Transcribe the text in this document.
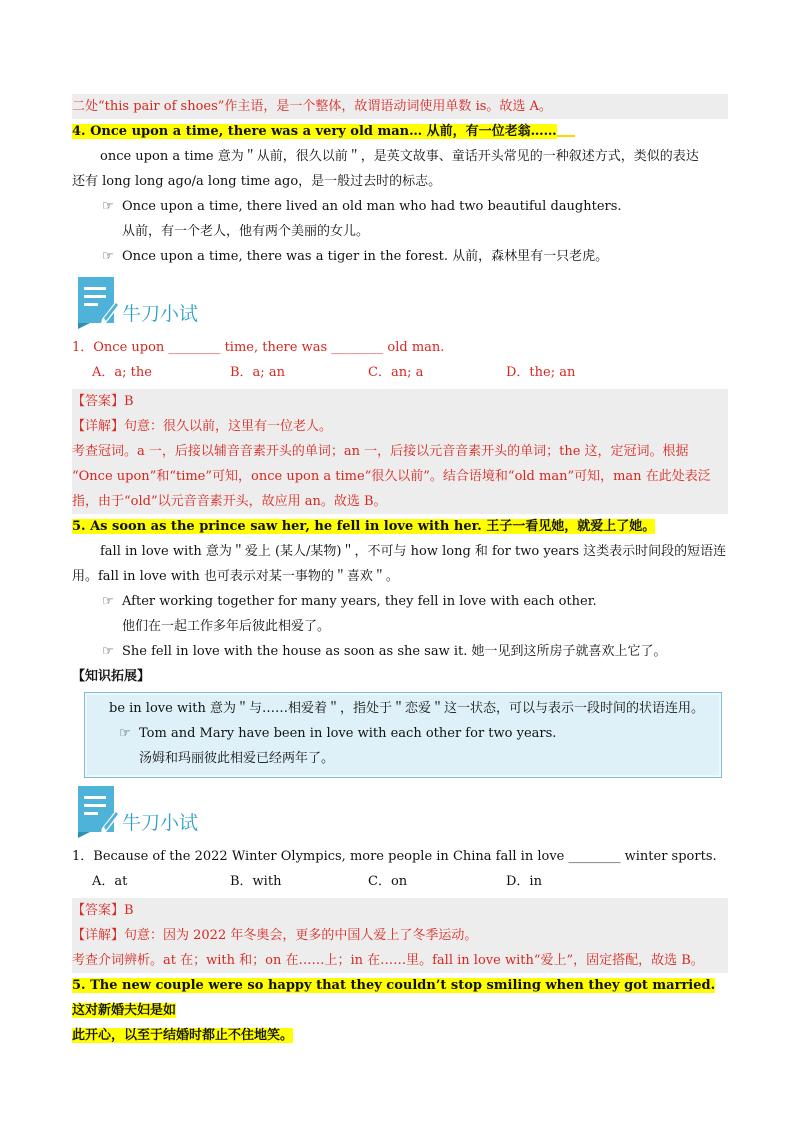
二处“this pair of shoes”作主语，是一个整体，故谓语动词使用单数 is。故选 A。
4. Once upon a time, there was a very old man… 从前，有一位老翁……
once upon a time 意为＂从前，很久以前＂，是英文故事、童话开头常见的一种叙述方式，类似的表达
还有 long long ago/a long time ago，是一般过去时的标志。
☞ Once upon a time, there lived an old man who had two beautiful daughters.
从前，有一个老人，他有两个美丽的女儿。
☞ Once upon a time, there was a tiger in the forest. 从前，森林里有一只老虎。
牛刀小试
1．Once upon ________ time, there was ________ old man.
A．a; the	B．a; an	C．an; a	D．the; an
【答案】B
【详解】句意：很久以前，这里有一位老人。
考查冠词。a 一，后接以辅音音素开头的单词；an 一，后接以元音音素开头的单词；the 这，定冠词。根据
“Once upon”和“time”可知，once upon a time“很久以前”。结合语境和“old man”可知，man 在此处表泛
指，由于“old”以元音音素开头，故应用 an。故选 B。
5. As soon as the prince saw her, he fell in love with her. 王子一看见她，就爱上了她。
fall in love with 意为＂爱上 (某人/某物)＂，不可与 how long 和 for two years 这类表示时间段的短语连
用。fall in love with 也可表示对某一事物的＂喜欢＂。
☞ After working together for many years, they fell in love with each other.
他们在一起工作多年后彼此相爱了。
☞ She fell in love with the house as soon as she saw it. 她一见到这所房子就喜欢上它了。
【知识拓展】
be in love with 意为＂与……相爱着＂，指处于＂恋爱＂这一状态，可以与表示一段时间的状语连用。
☞ Tom and Mary have been in love with each other for two years.
汤姆和玛丽彼此相爱已经两年了。
牛刀小试
1．Because of the 2022 Winter Olympics, more people in China fall in love ________ winter sports.
A．at	B．with	C．on	D．in
【答案】B
【详解】句意：因为 2022 年冬奥会，更多的中国人爱上了冬季运动。
考查介词辨析。at 在；with 和；on 在……上；in 在……里。fall in love with“爱上”，固定搭配，故选 B。
5. The new couple were so happy that they couldn’t stop smiling when they got married. 这对新婚夫妇是如
此开心，以至于结婚时都止不住地笑。
